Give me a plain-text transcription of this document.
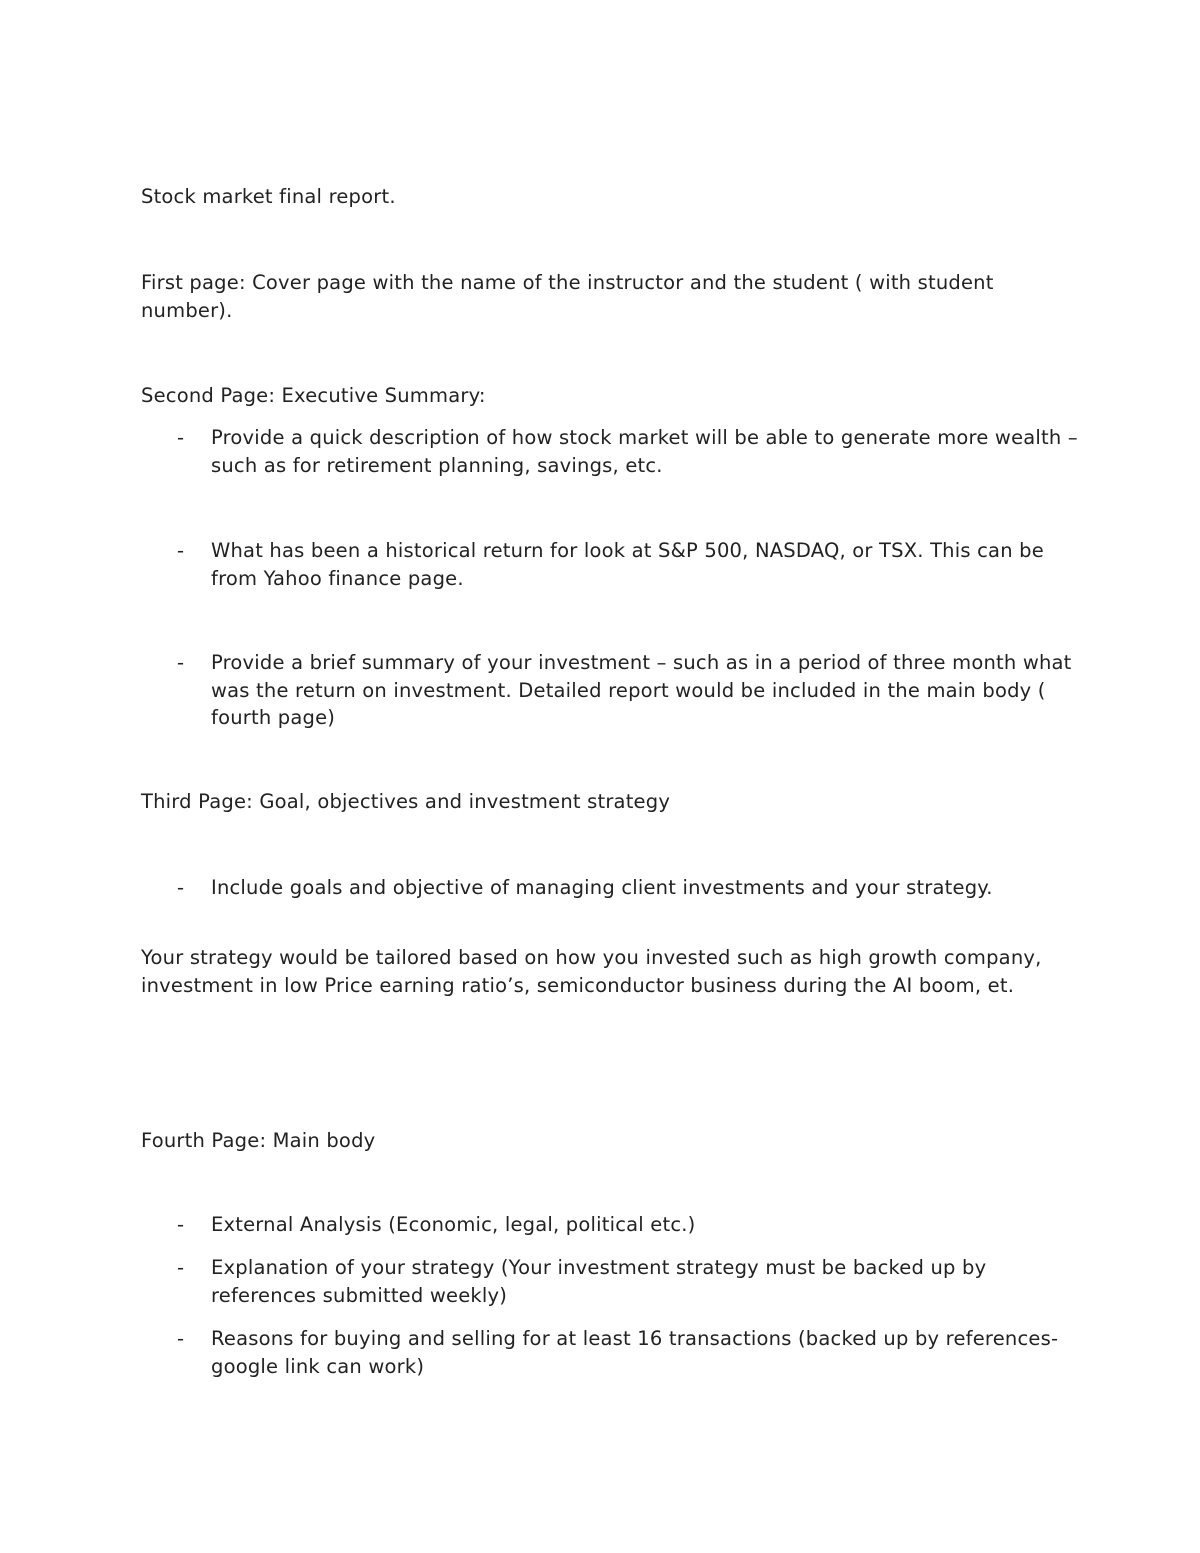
Stock market final report.
First page: Cover page with the name of the instructor and the student ( with student number).
Second Page: Executive Summary:
- Provide a quick description of how stock market will be able to generate more wealth – such as for retirement planning, savings, etc.
- What has been a historical return for look at S&P 500, NASDAQ, or TSX. This can be from Yahoo finance page.
- Provide a brief summary of your investment – such as in a period of three month what was the return on investment. Detailed report would be included in the main body ( fourth page)
Third Page: Goal, objectives and investment strategy
- Include goals and objective of managing client investments and your strategy.
Your strategy would be tailored based on how you invested such as high growth company, investment in low Price earning ratio’s, semiconductor business during the AI boom, et.
Fourth Page: Main body
- External Analysis (Economic, legal, political etc.)
- Explanation of your strategy (Your investment strategy must be backed up by references submitted weekly)
- Reasons for buying and selling for at least 16 transactions (backed up by references- google link can work)
